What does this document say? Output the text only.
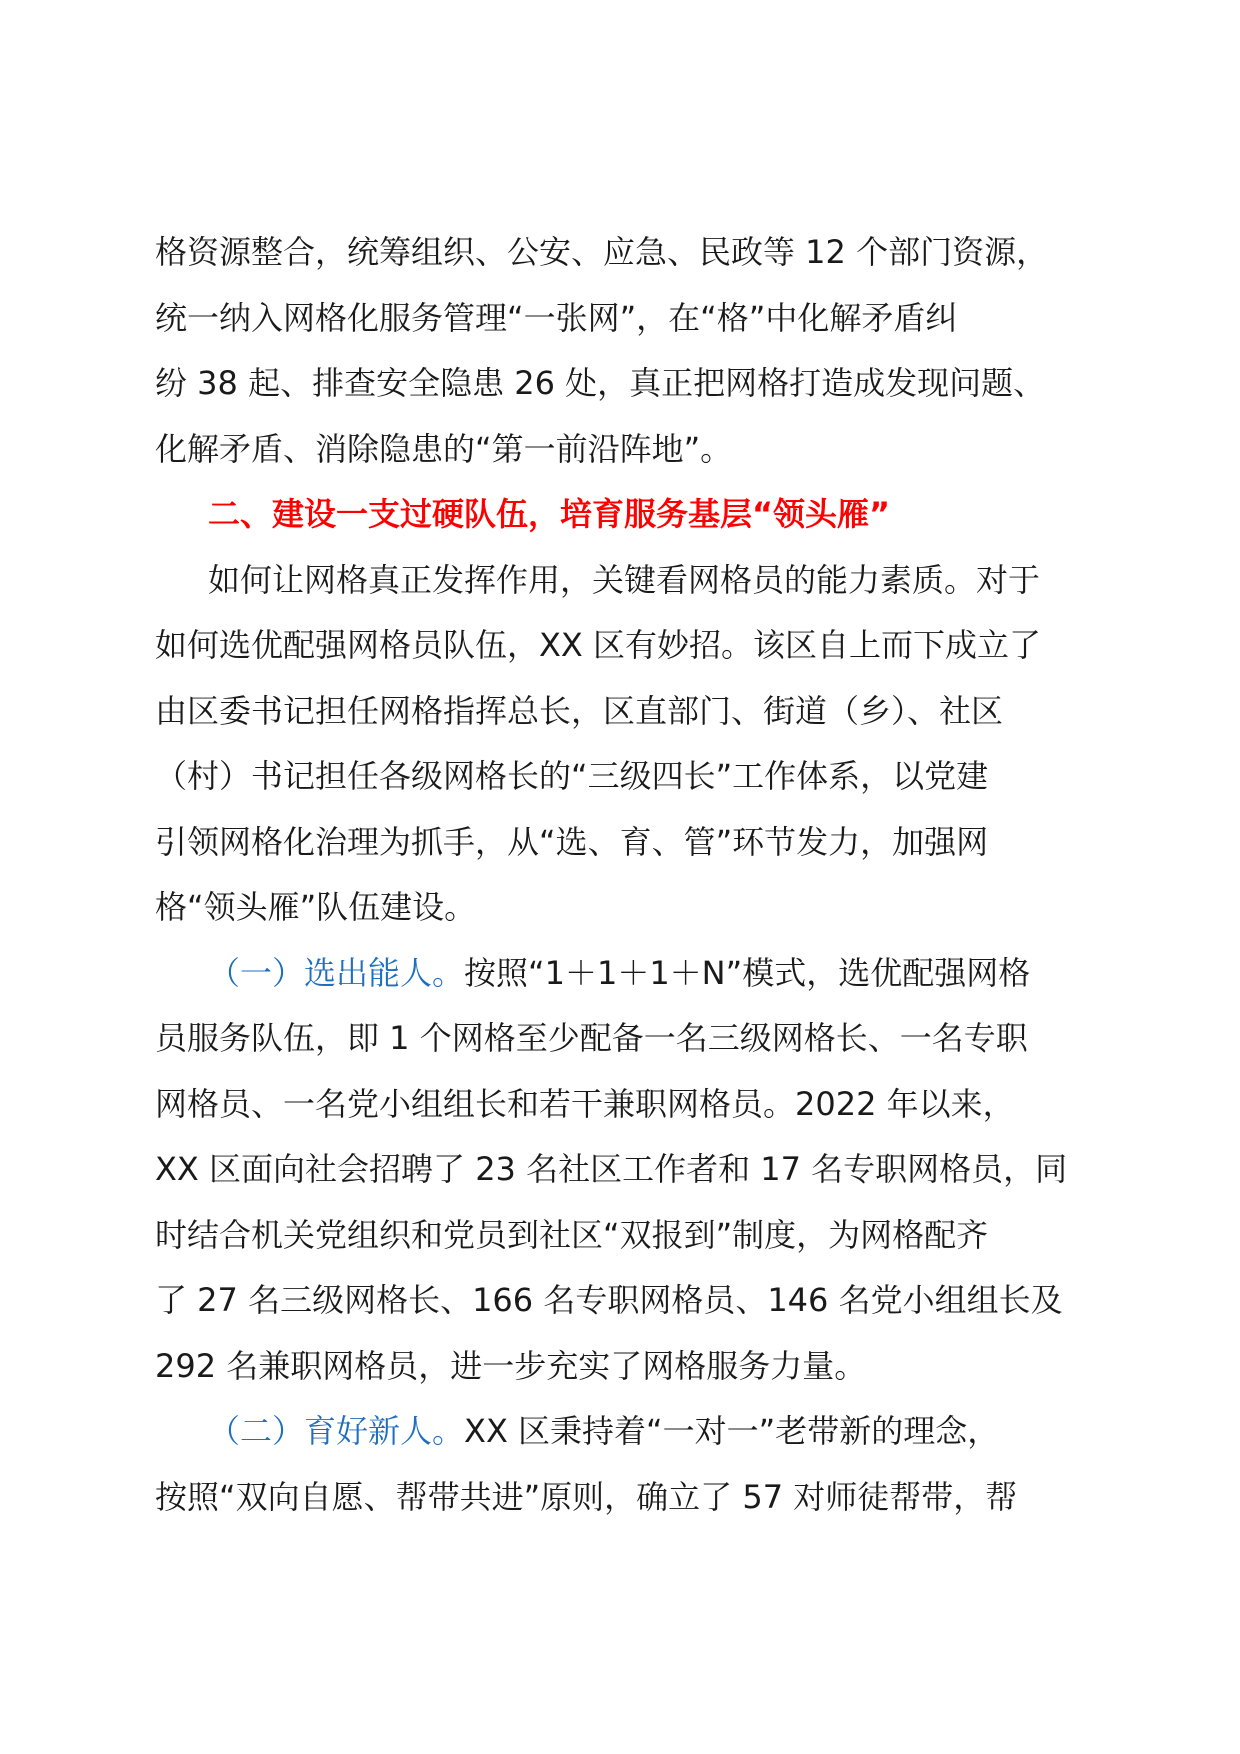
格资源整合，统筹组织、公安、应急、民政等 12 个部门资源，
统一纳入网格化服务管理“一张网”，在“格”中化解矛盾纠
纷 38 起、排查安全隐患 26 处，真正把网格打造成发现问题、
化解矛盾、消除隐患的“第一前沿阵地”。
二、建设一支过硬队伍，培育服务基层“领头雁”
如何让网格真正发挥作用，关键看网格员的能力素质。对于
如何选优配强网格员队伍，XX 区有妙招。该区自上而下成立了
由区委书记担任网格指挥总长，区直部门、街道（乡）、社区
（村）书记担任各级网格长的“三级四长”工作体系，以党建
引领网格化治理为抓手，从“选、育、管”环节发力，加强网
格“领头雁”队伍建设。
（一）选出能人。按照“1＋1＋1＋N”模式，选优配强网格
员服务队伍，即 1 个网格至少配备一名三级网格长、一名专职
网格员、一名党小组组长和若干兼职网格员。2022 年以来，
XX 区面向社会招聘了 23 名社区工作者和 17 名专职网格员，同
时结合机关党组织和党员到社区“双报到”制度，为网格配齐
了 27 名三级网格长、166 名专职网格员、146 名党小组组长及
292 名兼职网格员，进一步充实了网格服务力量。
（二）育好新人。XX 区秉持着“一对一”老带新的理念，
按照“双向自愿、帮带共进”原则，确立了 57 对师徒帮带，帮
